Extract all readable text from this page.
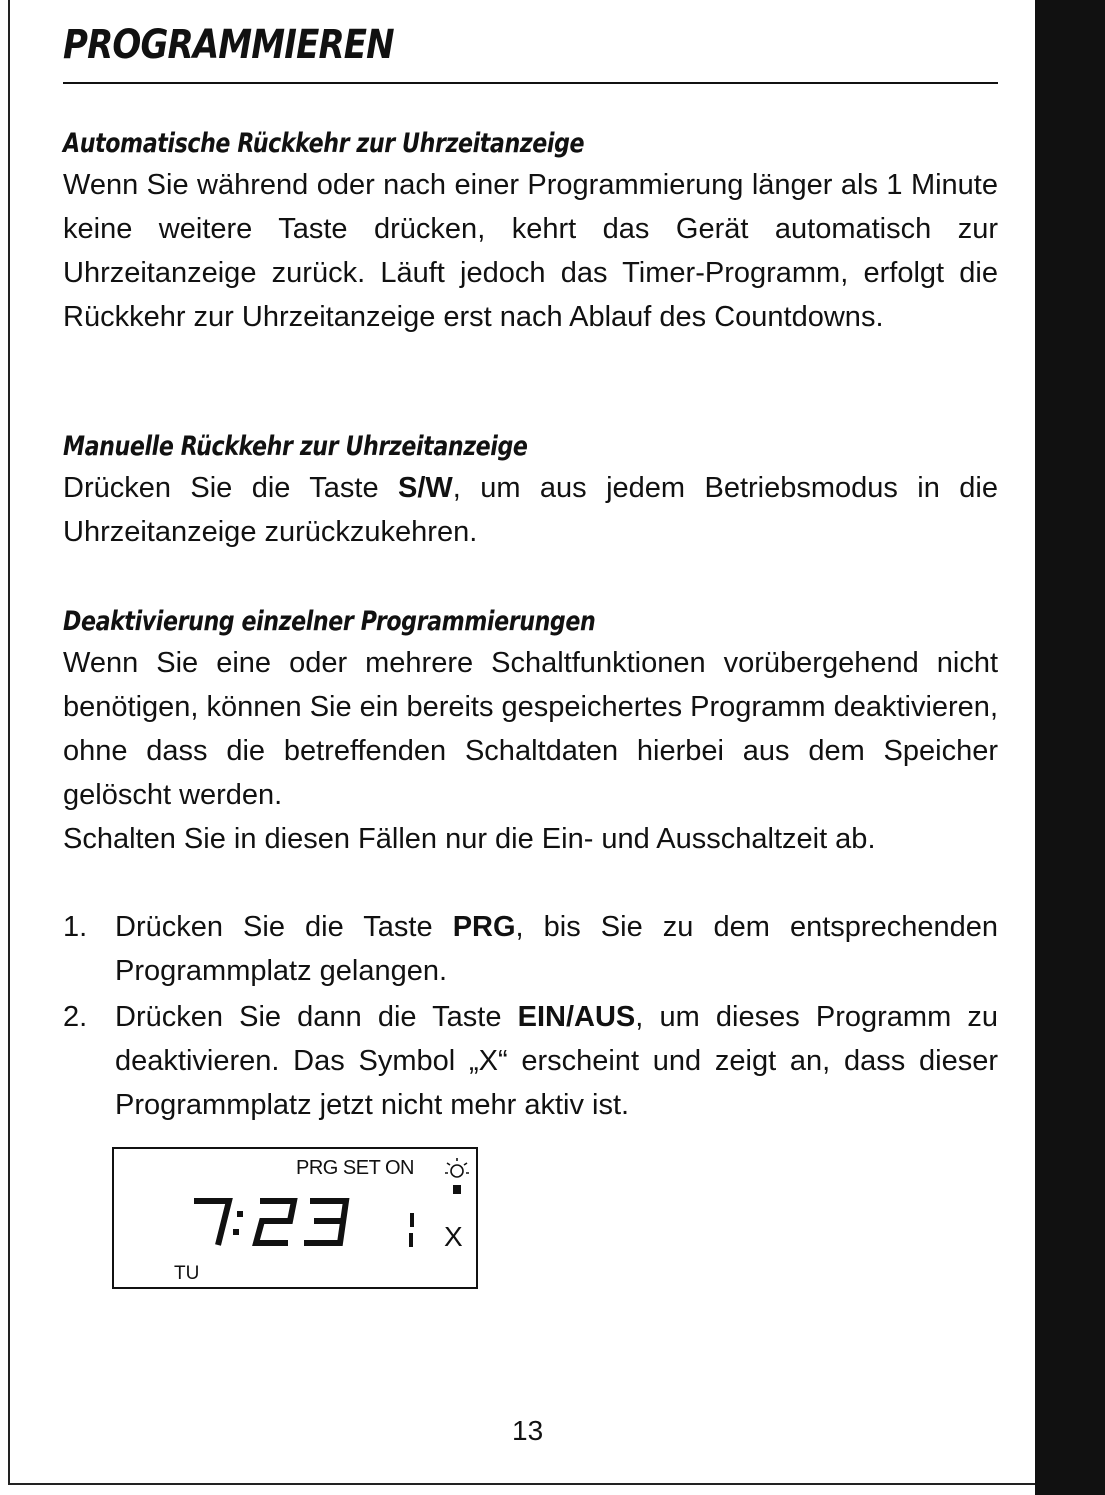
PROGRAMMIEREN
Automatische Rückkehr zur Uhrzeitanzeige

Wenn Sie während oder nach einer Programmierung länger als 1 Minute keine weitere Taste drücken, kehrt das Gerät automatisch zur Uhrzeitanzeige zurück. Läuft jedoch das Timer-Programm, erfolgt die Rückkehr zur Uhrzeitanzeige erst nach Ablauf des Countdowns.

Manuelle Rückkehr zur Uhrzeitanzeige

Drücken Sie die Taste S/W, um aus jedem Betriebsmodus in die Uhrzeitanzeige zurückzukehren.

Deaktivierung einzelner Programmierungen

Wenn Sie eine oder mehrere Schaltfunktionen vorübergehend nicht benötigen, können Sie ein bereits gespeichertes Programm deaktivieren, ohne dass die betreffenden Schaltdaten hierbei aus dem Speicher gelöscht werden.

Schalten Sie in diesen Fällen nur die Ein- und Ausschaltzeit ab.

1. Drücken Sie die Taste PRG, bis Sie zu dem entsprechenden Programmplatz gelangen.
2. Drücken Sie dann die Taste EIN/AUS, um dieses Programm zu deaktivieren. Das Symbol „X“ erscheint und zeigt an, dass dieser Programmplatz jetzt nicht mehr aktiv ist.
13
PRG SET ON
7:23
X
TU
